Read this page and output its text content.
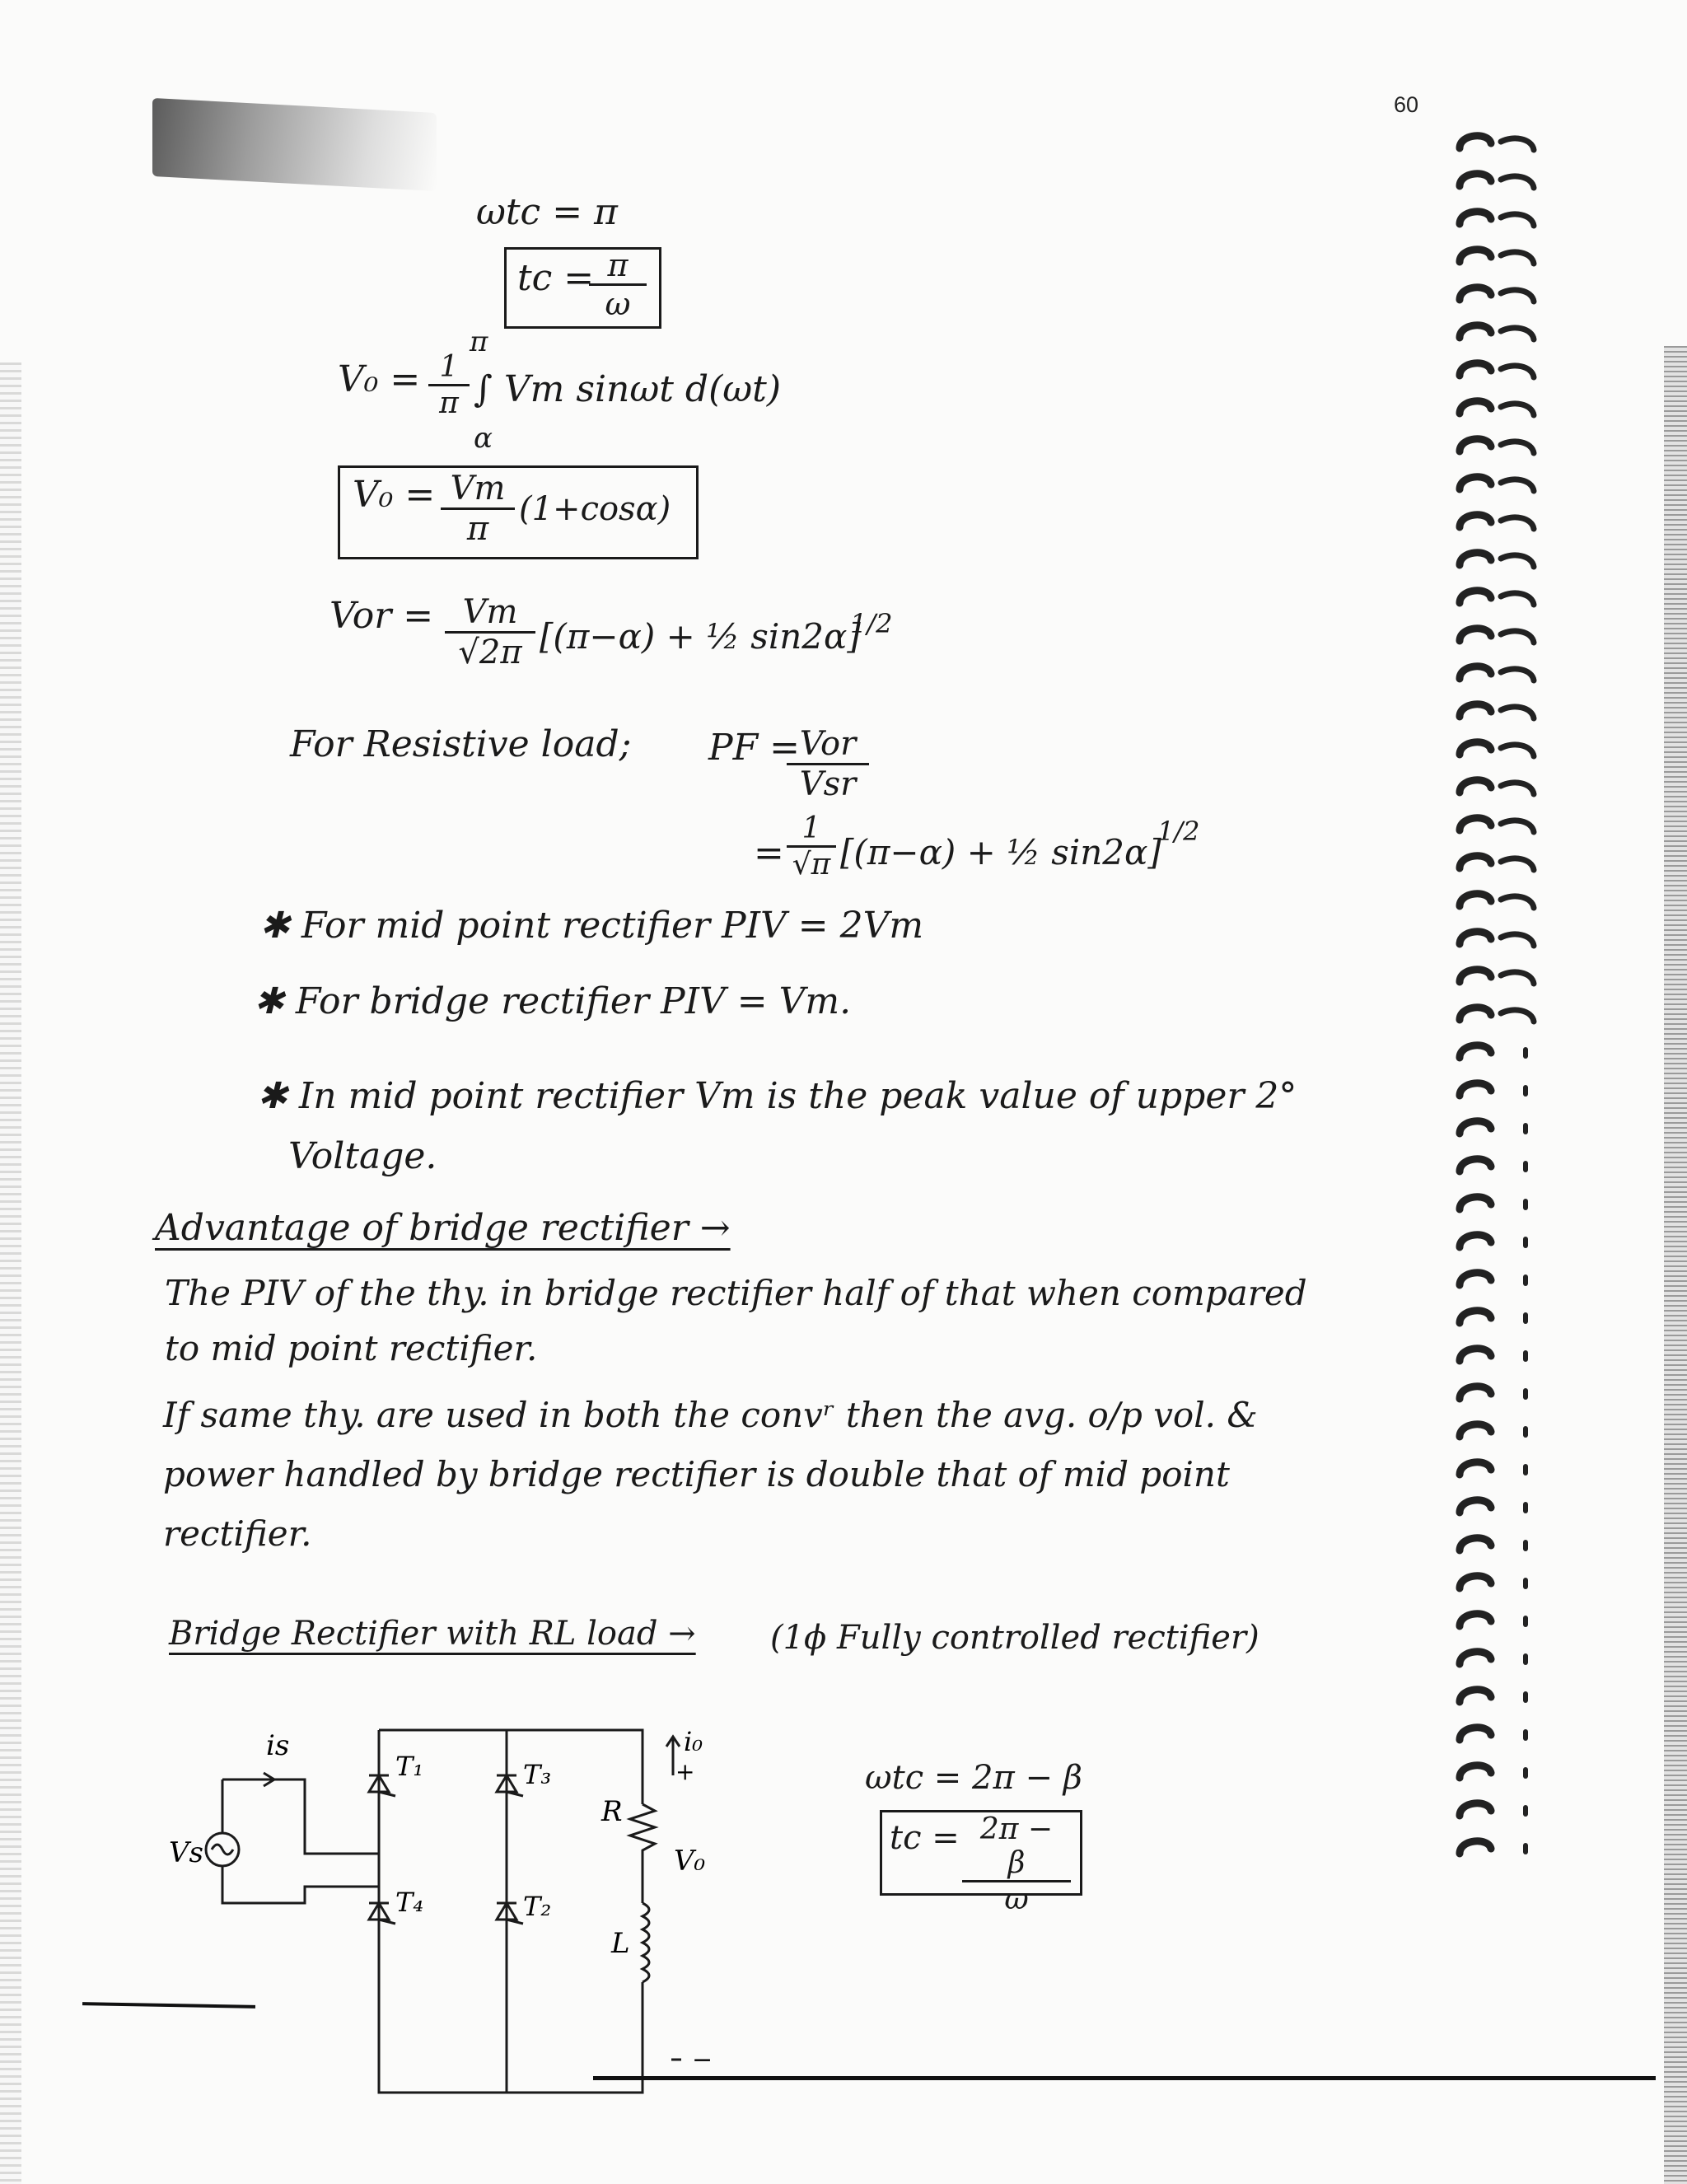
60
ωtc = π
tc =
$\frac{\pi}{\omega}$
$V_0 = \frac{1}{\pi}$
π
α
∫ Vm sinωt d(ωt)
$V_0 = \frac{Vm}{\pi} (1+\cos\alpha)$
Vor = $\frac{Vm}{√2\pi} [(\pi-\alpha)$ + ½ sin2α]
1/2
For Resistive load; PF = Vor
Vsr
= $\frac{1}{√\pi} [(\pi-\alpha)$ + ½ sin2α]
1/2
✱ For mid point rectifier PIV = 2Vm
✱ For bridge rectifier PIV = Vm.
✱ In mid point rectifier Vm is the peak value of upper 2°
Voltage.
Advantage of bridge rectifier →
The PIV of the thy. in bridge rectifier half of that when compared
to mid point rectifier.
If same thy. are used in both the convʳ then the avg. o/p vol. &
power handled by bridge rectifier is double that of mid point
rectifier.
Bridge Rectifier with RL load → (1ϕ Fully controlled rectifier)
is
Vs
T₁	T₃
T₄	T₂
R
L
i₀
+
V₀
−
ωtc = 2π − β
tc = $\frac{2\pi - \beta}{\omega}$
